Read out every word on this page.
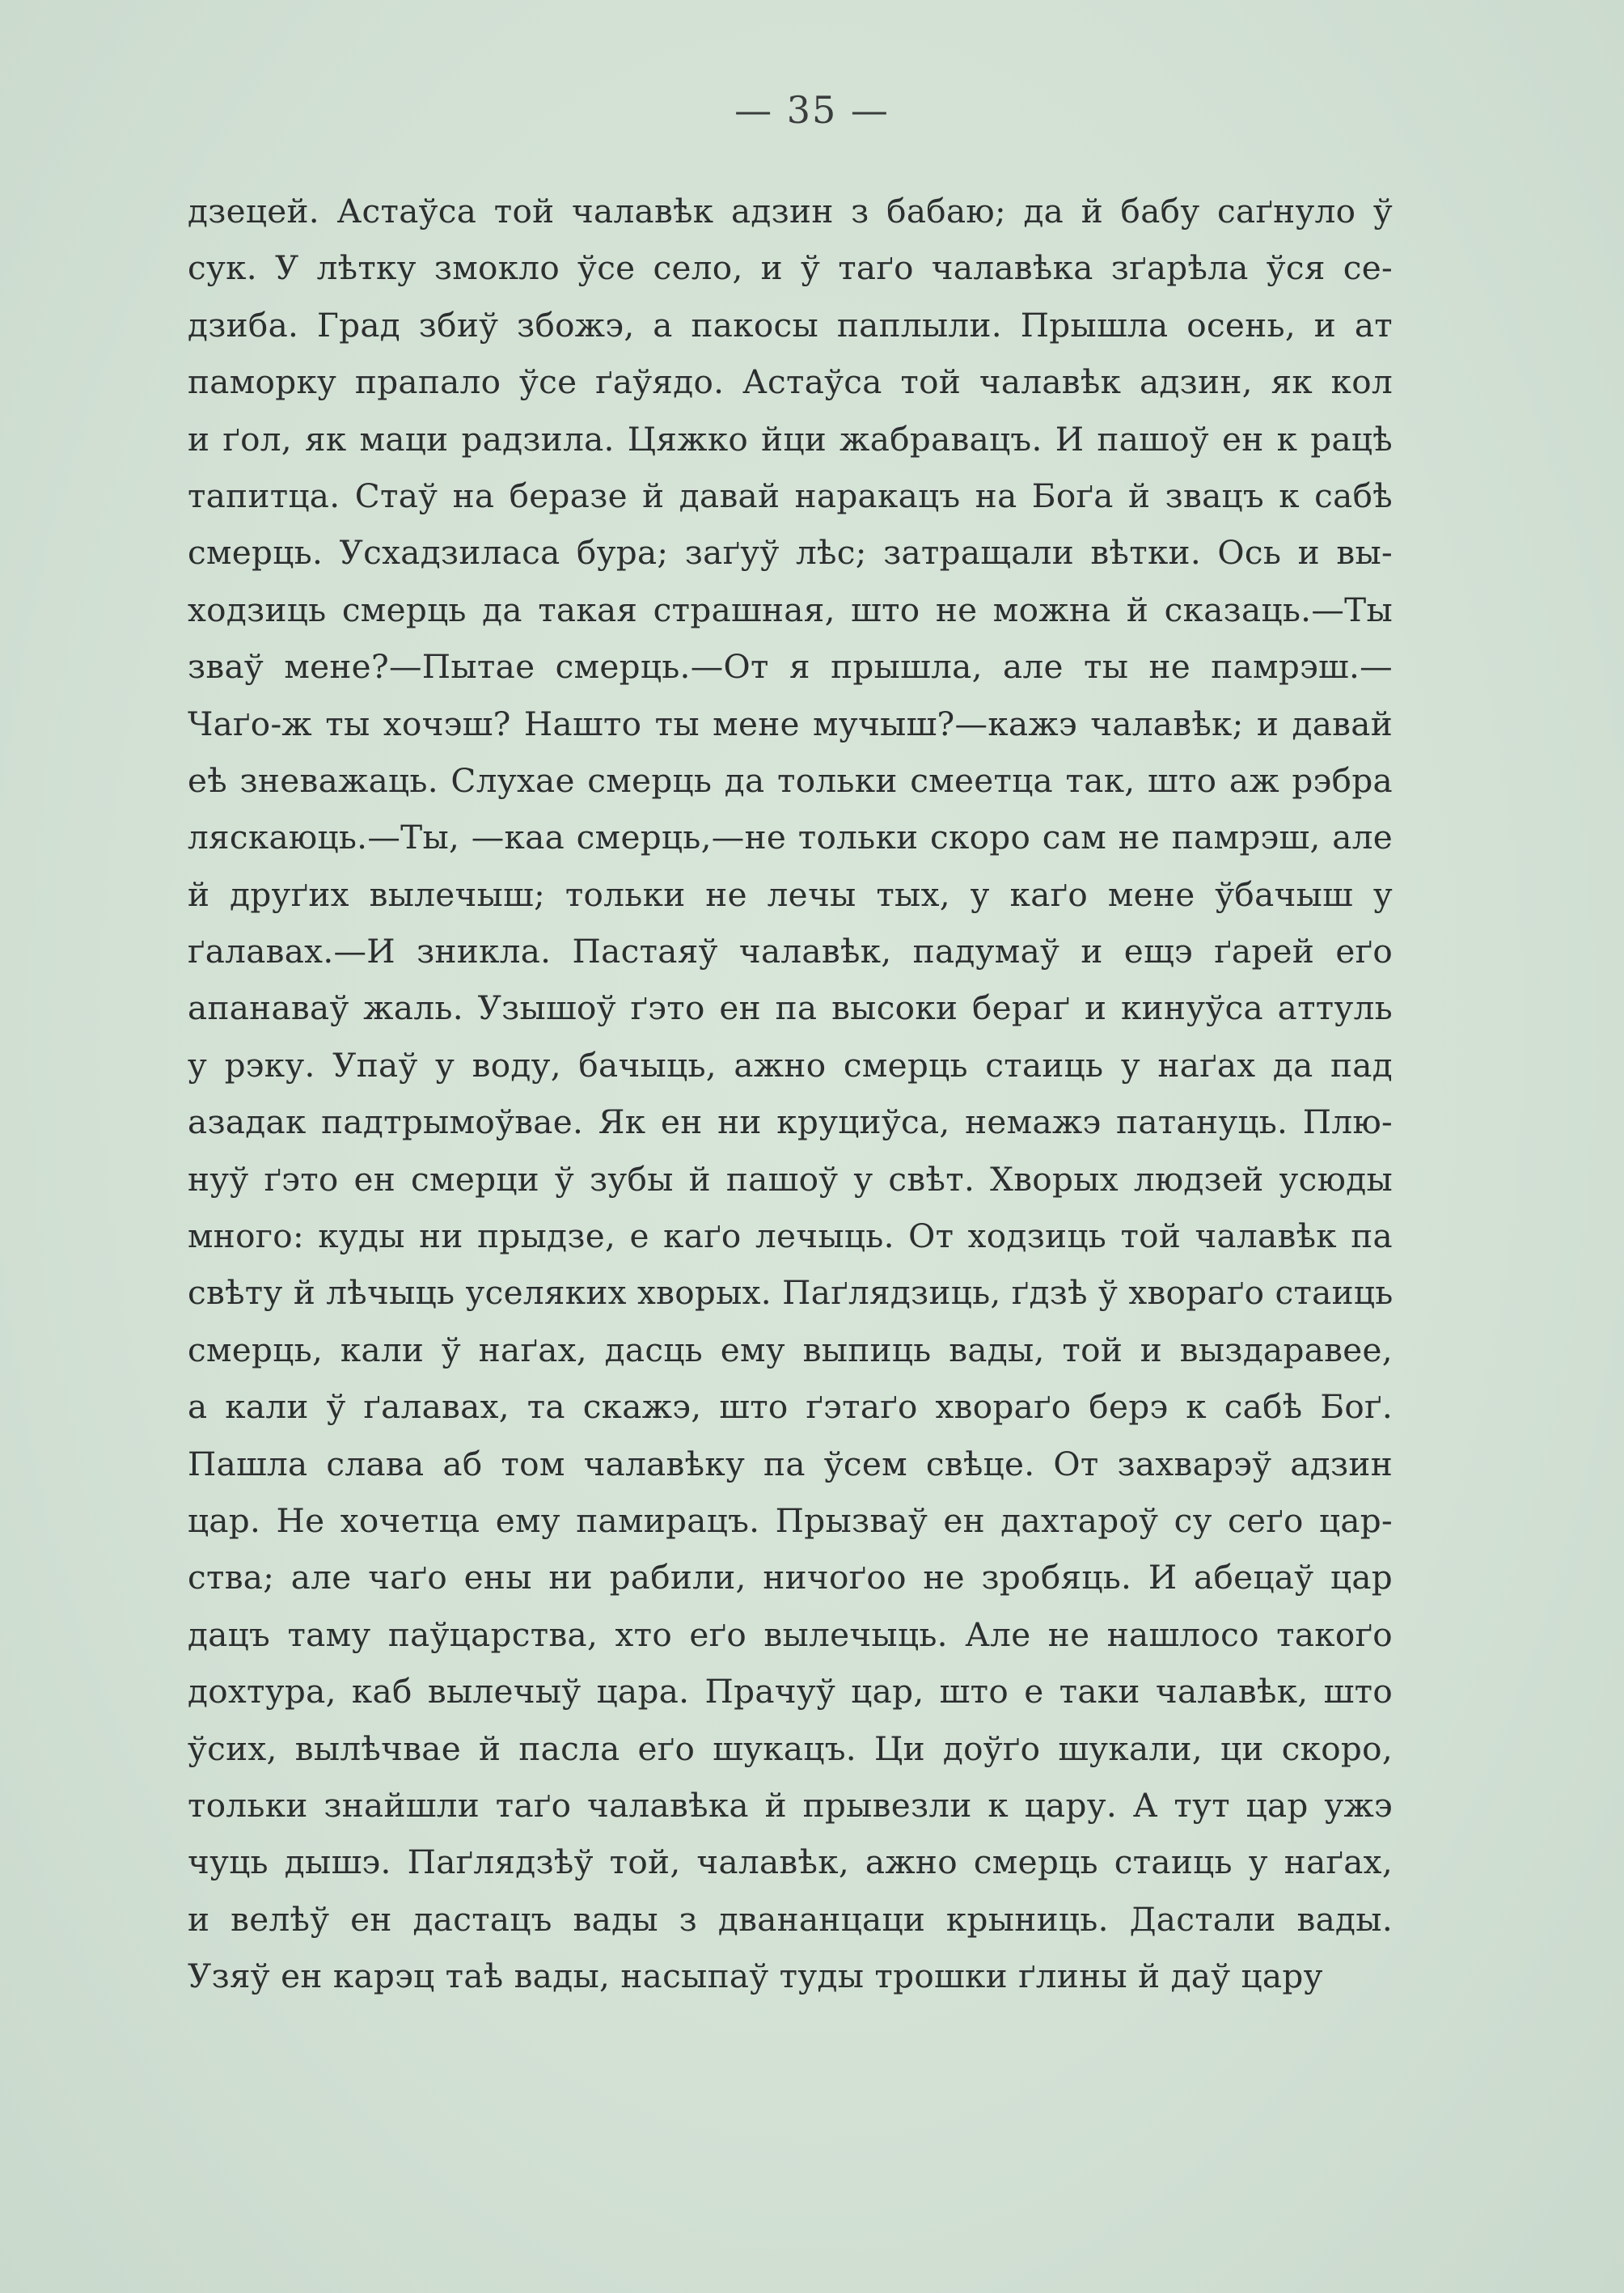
— 35 —
дзецей. Астаўса той чалавѣк адзин з бабаю; да й бабу саґнуло ў
сук. У лѣтку змокло ўсе село, и ў таґо чалавѣка зґарѣла ўся се-
дзиба. Град збиў збожэ, а пакосы паплыли. Прышла осень, и ат
паморку прапало ўсе ґаўядо. Астаўса той чалавѣк адзин, як кол
и ґол, як маци радзила. Цяжко йци жабравацъ. И пашоў ен к рацѣ
тапитца. Стаў на беразе й давай наракацъ на Боґа й звацъ к сабѣ
смерць. Усхадзиласа бура; заґуў лѣс; затращали вѣтки. Ось и вы-
ходзиць смерць да такая страшная, што не можна й сказаць.—Ты
зваў мене?—Пытае смерць.—От я прышла, але ты не памрэш.—
Чаґо-ж ты хочэш? Нашто ты мене мучыш?—кажэ чалавѣк; и давай
еѣ зневажаць. Слухае смерць да тольки смеетца так, што аж рэбра
ляскаюць.—Ты, —каа смерць,—не тольки скоро сам не памрэш, але
й друґих вылечыш; тольки не лечы тых, у каґо мене ўбачыш у
ґалавах.—И зникла. Пастаяў чалавѣк, падумаў и ещэ ґарей еґо
апанаваў жаль. Узышоў ґэто ен па высоки бераґ и кинуўса аттуль
у рэку. Упаў у воду, бачыць, ажно смерць стаиць у наґах да пад
азадак падтрымоўвае. Як ен ни круциўса, немажэ патануць. Плю-
нуў ґэто ен смерци ў зубы й пашоў у свѣт. Хворых людзей усюды
много: куды ни прыдзе, е каґо лечыць. От ходзиць той чалавѣк па
свѣту й лѣчыць уселяких хворых. Паґлядзиць, ґдзѣ ў хвораґо стаиць
смерць, кали ў наґах, дасць ему выпиць вады, той и выздаравее,
а кали ў ґалавах, та скажэ, што ґэтаґо хвораґо берэ к сабѣ Боґ.
Пашла слава аб том чалавѣку па ўсем свѣце. От захварэў адзин
цар. Не хочетца ему памирацъ. Прызваў ен дахтароў су сеґо цар-
ства; але чаґо ены ни рабили, ничоґоо не зробяць. И абецаў цар
дацъ таму паўцарства, хто еґо вылечыць. Але не нашлосо такоґо
дохтура, каб вылечыў цара. Прачуў цар, што е таки чалавѣк, што
ўсих, вылѣчвае й пасла еґо шукацъ. Ци доўґо шукали, ци скоро,
тольки знайшли таґо чалавѣка й прывезли к цару. А тут цар ужэ
чуць дышэ. Паґлядзѣў той, чалавѣк, ажно смерць стаиць у наґах,
и велѣў ен дастацъ вады з двананцаци крыниць. Дастали вады.
Узяў ен карэц таѣ вады, насыпаў туды трошки ґлины й даў цару
